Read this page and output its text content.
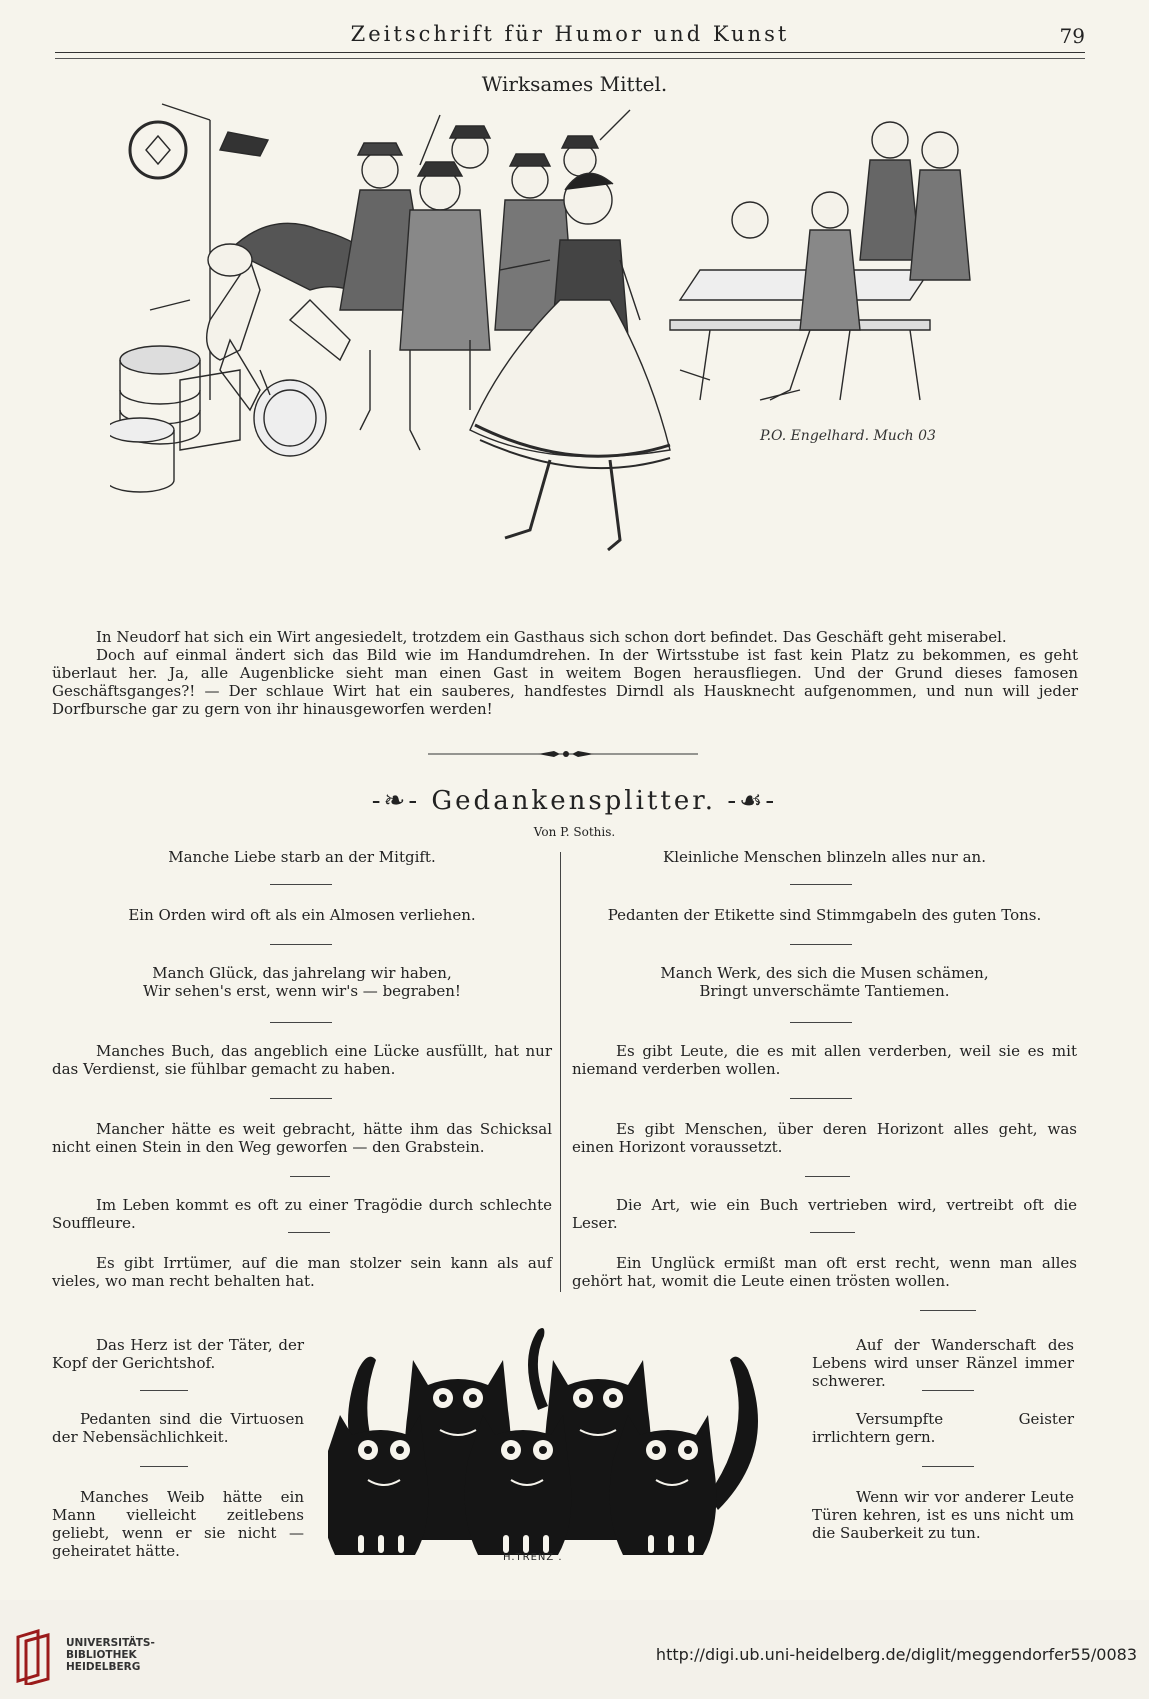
Zeitschrift für Humor und Kunst	79
Wirksames Mittel.
P.O. Engelhard. Much 03

In Neudorf hat sich ein Wirt angesiedelt, trotzdem ein Gasthaus sich schon dort befindet. Das Geschäft geht miserabel.

Doch auf einmal ändert sich das Bild wie im Handumdrehen. In der Wirtsstube ist fast kein Platz zu bekommen, es geht überlaut her. Ja, alle Augenblicke sieht man einen Gast in weitem Bogen herausfliegen. Und der Grund dieses famosen Geschäftsganges?! — Der schlaue Wirt hat ein sauberes, handfestes Dirndl als Hausknecht aufgenommen, und nun will jeder Dorfbursche gar zu gern von ihr hinausgeworfen werden!

-❧- Gedankensplitter. -☙-
Von P. Sothis.
Manche Liebe starb an der Mitgift.
Ein Orden wird oft als ein Almosen verliehen.
Manch Glück, das jahrelang wir haben,
Wir sehen's erst, wenn wir's — begraben!
Manches Buch, das angeblich eine Lücke ausfüllt, hat nur das Verdienst, sie fühlbar gemacht zu haben.
Mancher hätte es weit gebracht, hätte ihm das Schicksal nicht einen Stein in den Weg geworfen — den Grabstein.
Im Leben kommt es oft zu einer Tragödie durch schlechte Souffleure.
Es gibt Irrtümer, auf die man stolzer sein kann als auf vieles, wo man recht behalten hat.
Kleinliche Menschen blinzeln alles nur an.
Pedanten der Etikette sind Stimmgabeln des guten Tons.
Manch Werk, des sich die Musen schämen,
Bringt unverschämte Tantiemen.
Es gibt Leute, die es mit allen verderben, weil sie es mit niemand verderben wollen.
Es gibt Menschen, über deren Horizont alles geht, was einen Horizont voraussetzt.
Die Art, wie ein Buch vertrieben wird, vertreibt oft die Leser.
Ein Unglück ermißt man oft erst recht, wenn man alles gehört hat, womit die Leute einen trösten wollen.
Das Herz ist der Täter, der Kopf der Gerichtshof.
Pedanten sind die Virtuosen der Nebensächlichkeit.
Manches Weib hätte ein Mann vielleicht zeitlebens geliebt, wenn er sie nicht — geheiratet hätte.
Auf der Wanderschaft des Lebens wird unser Ränzel immer schwerer.
Versumpfte Geister irrlichtern gern.
Wenn wir vor anderer Leute Türen kehren, ist es uns nicht um die Sauberkeit zu tun.
H.TRENZ .
UNIVERSITÄTS-
BIBLIOTHEK
HEIDELBERG
http://digi.ub.uni-heidelberg.de/diglit/meggendorfer55/0083
